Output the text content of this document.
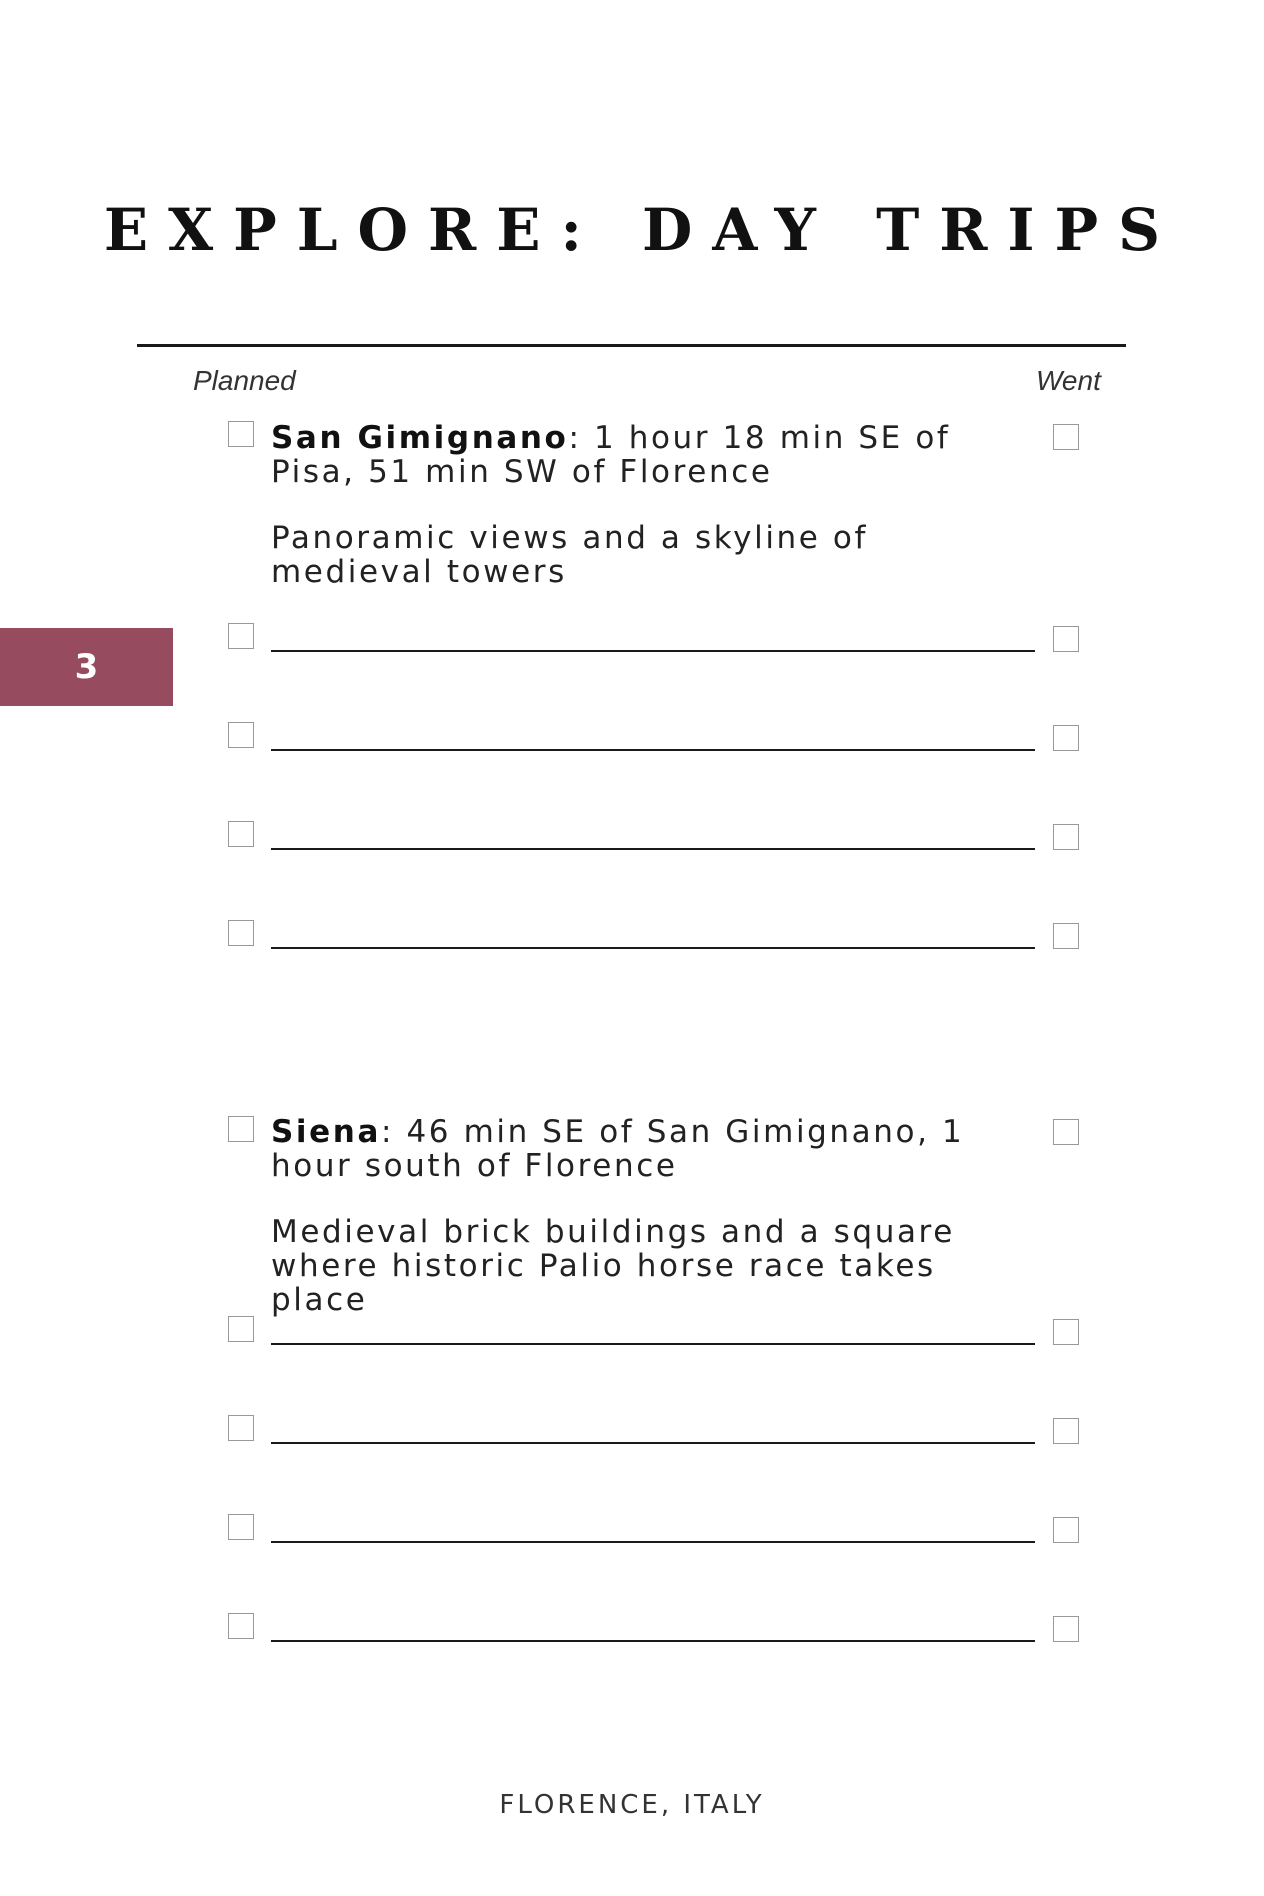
EXPLORE: DAY TRIPS
Planned	Went
3
San Gimignano: 1 hour 18 min SE of Pisa, 51 min SW of Florence
Panoramic views and a skyline of medieval towers
Siena: 46 min SE of San Gimignano, 1 hour south of Florence
Medieval brick buildings and a square where historic Palio horse race takes place
FLORENCE, ITALY
